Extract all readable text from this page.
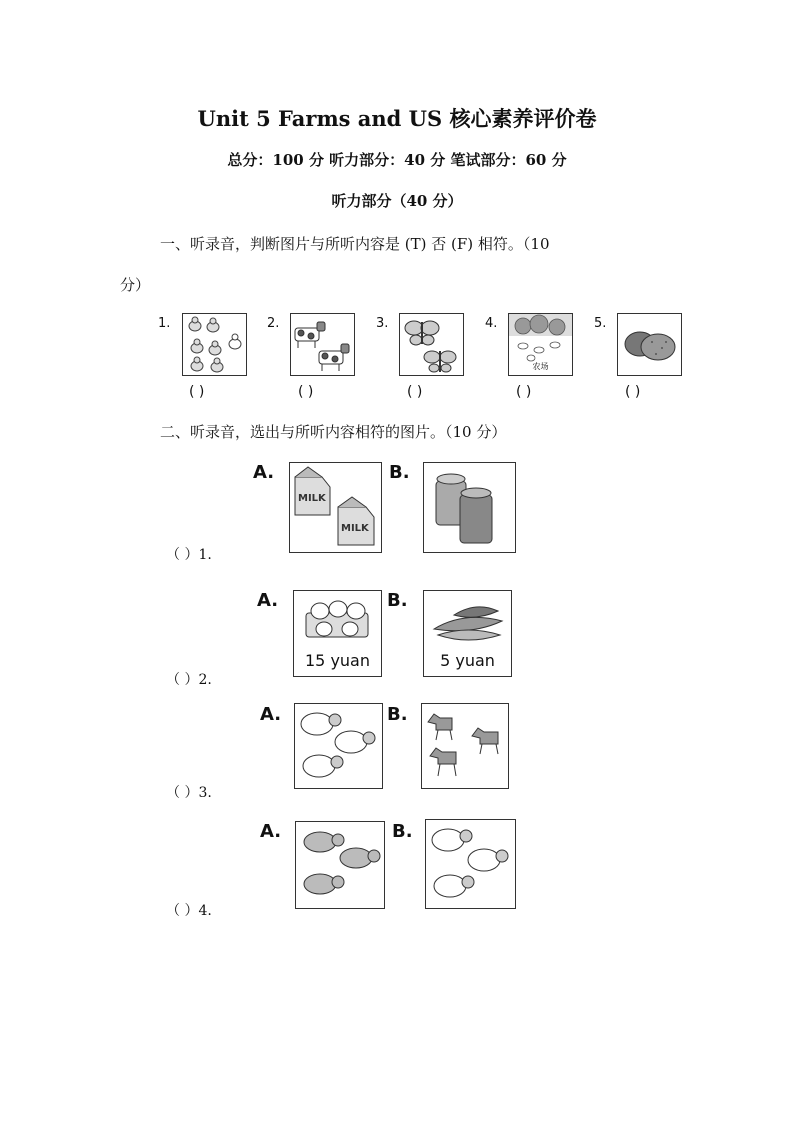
Unit 5 Farms and US 核心素养评价卷
总分：100 分 听力部分：40 分 笔试部分：60 分
听力部分（40 分）
一、听录音，判断图片与所听内容是 (T) 否 (F) 相符。（10
分）
1.
( )
2.
( )
3.
( )
4.
农场
( )
5.
( )
二、听录音，选出与所听内容相符的图片。（10 分）
A.
MILK
MILK
B.
（ ）1.
A.
15 yuan
B.
5 yuan
（ ）2.
A.	B.
（ ）3.
A.	B.
（ ）4.
